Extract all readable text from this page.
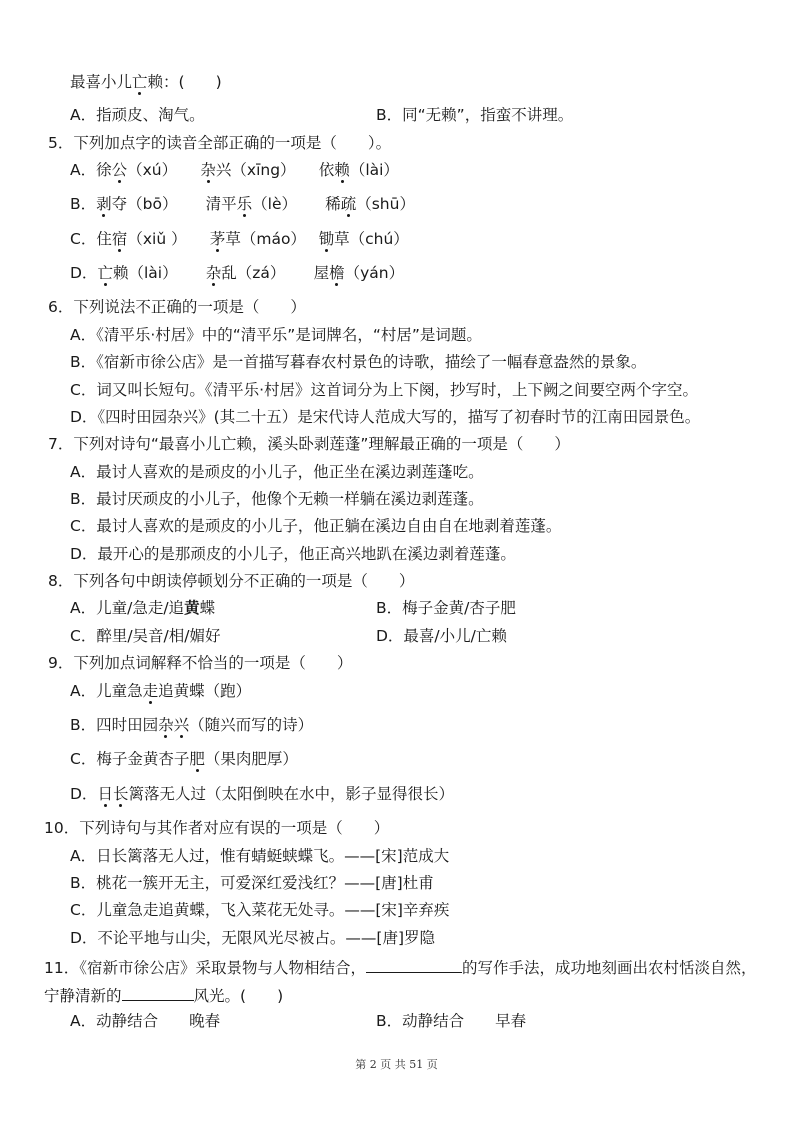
最喜小儿亡赖：(　　)
A．指顽皮、淘气。	B．同“无赖”，指蛮不讲理。
5．下列加点字的读音全部正确的一项是（　　）。
A．徐公（xú）　　杂兴（xīng）　　依赖（lài）
B．剥夺（bō）　　 清平乐（lè）　　 稀疏（shū）
C．住宿（xiǔ ）　　茅草（máo）　 锄草（chú）
D．亡赖（lài）　　 杂乱（zá）　　 屋檐（yán）
6．下列说法不正确的一项是（　　）
A．《清平乐·村居》中的“清平乐”是词牌名，“村居”是词题。
B．《宿新市徐公店》是一首描写暮春农村景色的诗歌，描绘了一幅春意盎然的景象。
C．词又叫长短句。《清平乐·村居》这首词分为上下阕，抄写时，上下阙之间要空两个字空。
D．《四时田园杂兴》(其二十五）是宋代诗人范成大写的，描写了初春时节的江南田园景色。
7．下列对诗句“最喜小儿亡赖，溪头卧剥莲蓬”理解最正确的一项是（　　）
A．最讨人喜欢的是顽皮的小儿子，他正坐在溪边剥莲蓬吃。
B．最讨厌顽皮的小儿子，他像个无赖一样躺在溪边剥莲蓬。
C．最讨人喜欢的是顽皮的小儿子，他正躺在溪边自由自在地剥着莲蓬。
D．最开心的是那顽皮的小儿子，他正高兴地趴在溪边剥着莲蓬。
8．下列各句中朗读停顿划分不正确的一项是（　　）
A．儿童/急走/追黄蝶	B．梅子金黄/杏子肥
C．醉里/吴音/相/媚好	D．最喜/小儿/亡赖
9．下列加点词解释不恰当的一项是（　　）
A．儿童急走追黄蝶（跑）
B．四时田园杂兴（随兴而写的诗）
C．梅子金黄杏子肥（果肉肥厚）
D．日长篱落无人过（太阳倒映在水中，影子显得很长）
10．下列诗句与其作者对应有误的一项是（　　）
A．日长篱落无人过，惟有蜻蜓蛱蝶飞。——[宋]范成大
B．桃花一簇开无主，可爱深红爱浅红？——[唐]杜甫
C．儿童急走追黄蝶，飞入菜花无处寻。——[宋]辛弃疾
D．不论平地与山尖，无限风光尽被占。——[唐]罗隐
11．《宿新市徐公店》采取景物与人物相结合，	的写作手法，成功地刻画出农村恬淡自然，
宁静清新的	风光。(　　)
A．动静结合　　晚春	B．动静结合　　早春
第 2 页 共 51 页
